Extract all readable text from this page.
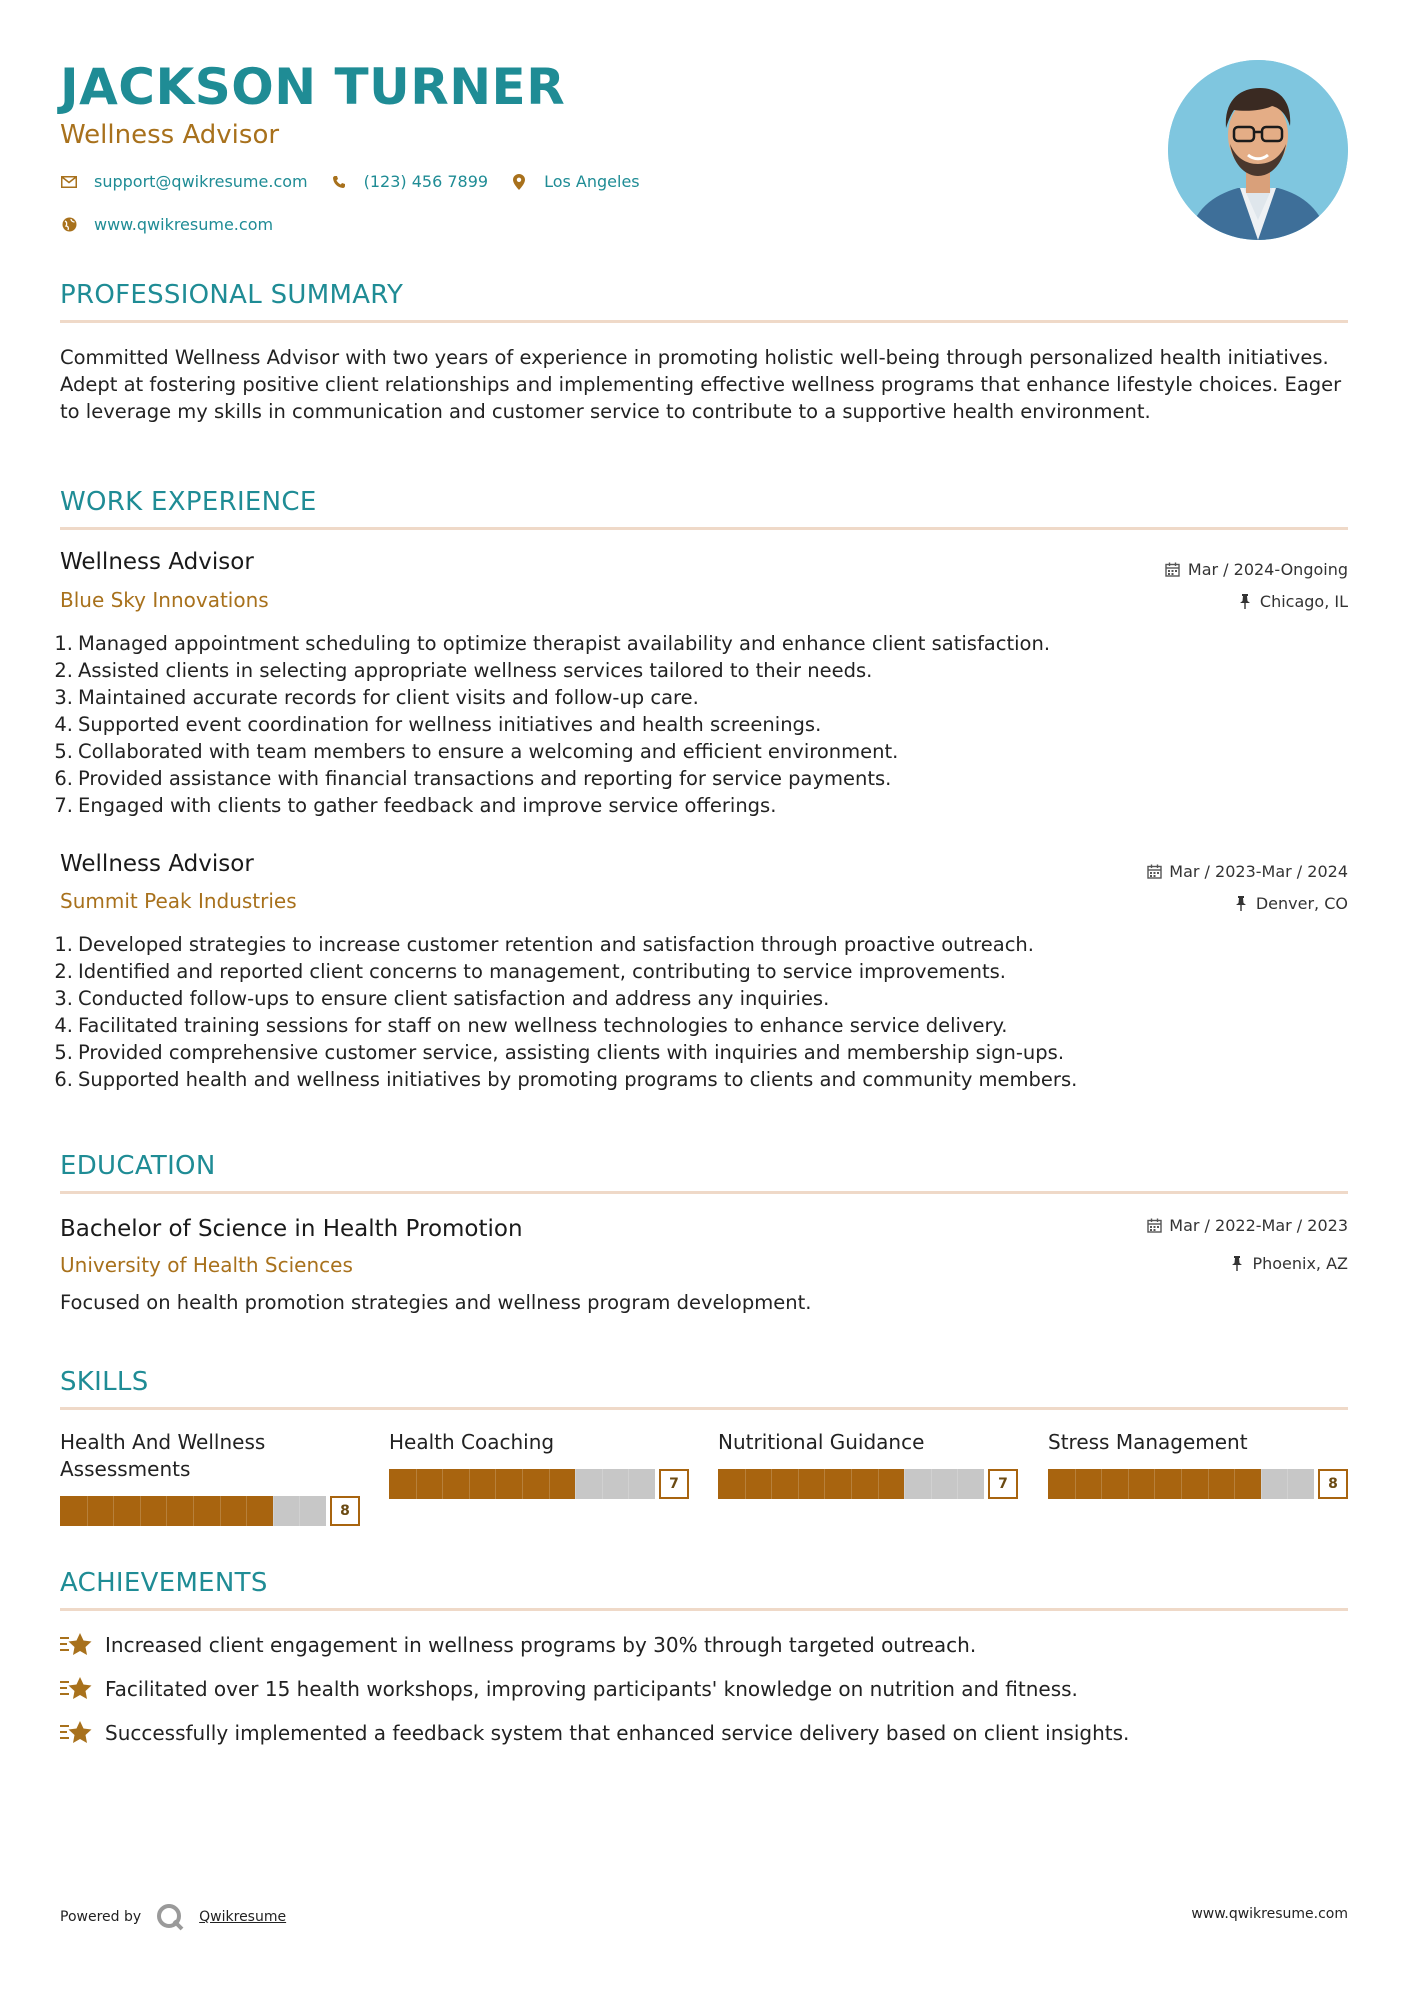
JACKSON TURNER
Wellness Advisor
support@qwikresume.com	(123) 456 7899	Los Angeles
www.qwikresume.com
PROFESSIONAL SUMMARY
Committed Wellness Advisor with two years of experience in promoting holistic well-being through personalized health initiatives. Adept at fostering positive client relationships and implementing effective wellness programs that enhance lifestyle choices. Eager to leverage my skills in communication and customer service to contribute to a supportive health environment.
WORK EXPERIENCE
Wellness Advisor
Blue Sky Innovations
Mar / 2024-Ongoing
Chicago, IL
1. Managed appointment scheduling to optimize therapist availability and enhance client satisfaction.
2. Assisted clients in selecting appropriate wellness services tailored to their needs.
3. Maintained accurate records for client visits and follow-up care.
4. Supported event coordination for wellness initiatives and health screenings.
5. Collaborated with team members to ensure a welcoming and efficient environment.
6. Provided assistance with financial transactions and reporting for service payments.
7. Engaged with clients to gather feedback and improve service offerings.
Wellness Advisor
Summit Peak Industries
Mar / 2023-Mar / 2024
Denver, CO
1. Developed strategies to increase customer retention and satisfaction through proactive outreach.
2. Identified and reported client concerns to management, contributing to service improvements.
3. Conducted follow-ups to ensure client satisfaction and address any inquiries.
4. Facilitated training sessions for staff on new wellness technologies to enhance service delivery.
5. Provided comprehensive customer service, assisting clients with inquiries and membership sign-ups.
6. Supported health and wellness initiatives by promoting programs to clients and community members.
EDUCATION
Bachelor of Science in Health Promotion
University of Health Sciences
Mar / 2022-Mar / 2023
Phoenix, AZ
Focused on health promotion strategies and wellness program development.
SKILLS
Health And Wellness Assessments
8
Health Coaching
7
Nutritional Guidance
7
Stress Management
8
ACHIEVEMENTS
Increased client engagement in wellness programs by 30% through targeted outreach.
Facilitated over 15 health workshops, improving participants' knowledge on nutrition and fitness.
Successfully implemented a feedback system that enhanced service delivery based on client insights.
Powered by	Qwikresume	www.qwikresume.com
